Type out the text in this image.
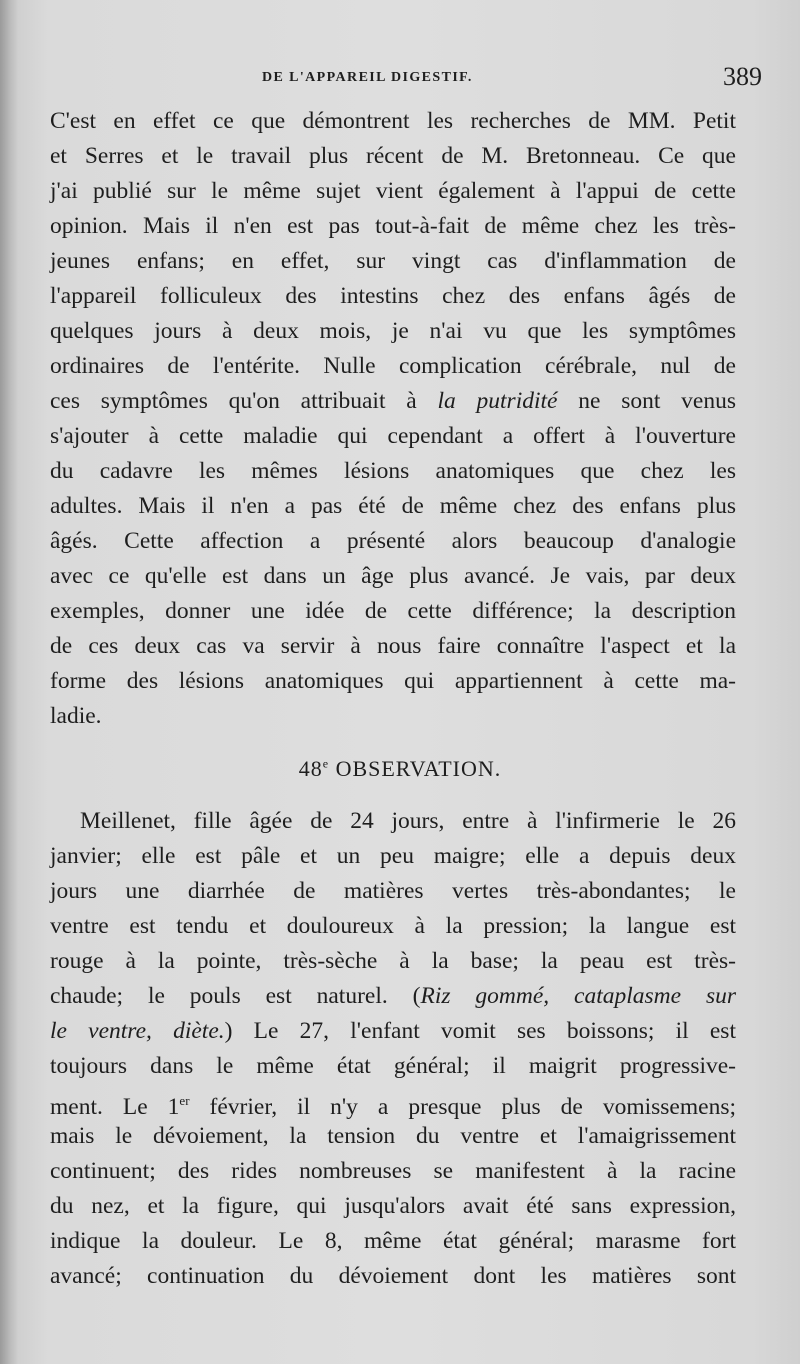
DE L'APPAREIL DIGESTIF.	389
C'est en effet ce que démontrent les recherches de MM. Petit
et Serres et le travail plus récent de M. Bretonneau. Ce que
j'ai publié sur le même sujet vient également à l'appui de cette
opinion. Mais il n'en est pas tout-à-fait de même chez les très-
jeunes enfans; en effet, sur vingt cas d'inflammation de
l'appareil folliculeux des intestins chez des enfans âgés de
quelques jours à deux mois, je n'ai vu que les symptômes
ordinaires de l'entérite. Nulle complication cérébrale, nul de
ces symptômes qu'on attribuait à la putridité ne sont venus
s'ajouter à cette maladie qui cependant a offert à l'ouverture
du cadavre les mêmes lésions anatomiques que chez les
adultes. Mais il n'en a pas été de même chez des enfans plus
âgés. Cette affection a présenté alors beaucoup d'analogie
avec ce qu'elle est dans un âge plus avancé. Je vais, par deux
exemples, donner une idée de cette différence; la description
de ces deux cas va servir à nous faire connaître l'aspect et la
forme des lésions anatomiques qui appartiennent à cette ma-
ladie.
48e OBSERVATION.
Meillenet, fille âgée de 24 jours, entre à l'infirmerie le 26
janvier; elle est pâle et un peu maigre; elle a depuis deux
jours une diarrhée de matières vertes très-abondantes; le
ventre est tendu et douloureux à la pression; la langue est
rouge à la pointe, très-sèche à la base; la peau est très-
chaude; le pouls est naturel. (Riz gommé, cataplasme sur
le ventre, diète.) Le 27, l'enfant vomit ses boissons; il est
toujours dans le même état général; il maigrit progressive-
ment. Le 1er février, il n'y a presque plus de vomissemens;
mais le dévoiement, la tension du ventre et l'amaigrissement
continuent; des rides nombreuses se manifestent à la racine
du nez, et la figure, qui jusqu'alors avait été sans expression,
indique la douleur. Le 8, même état général; marasme fort
avancé; continuation du dévoiement dont les matières sont
